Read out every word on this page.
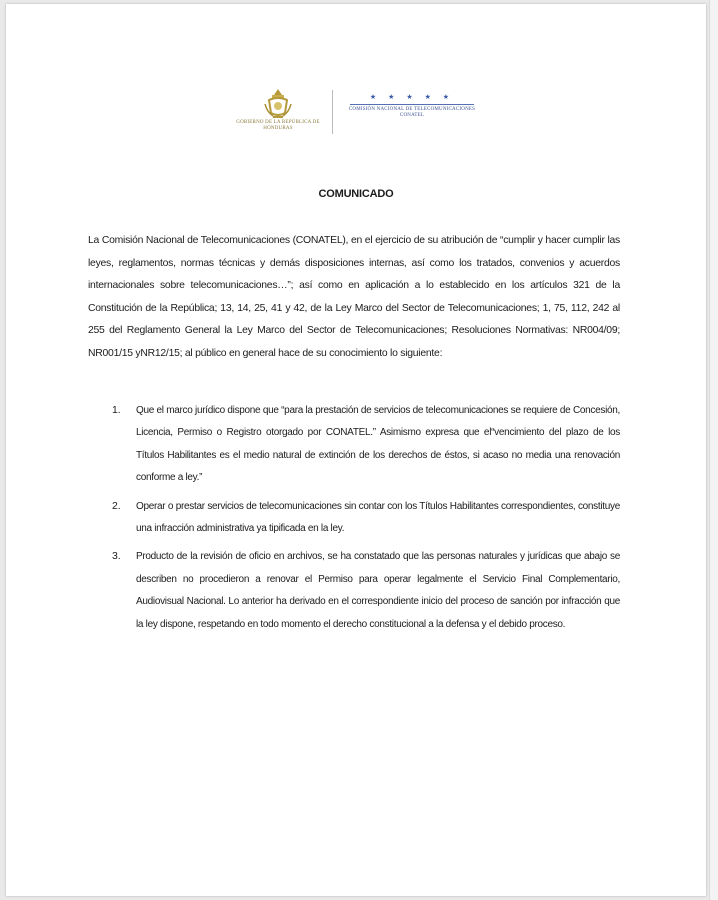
GOBIERNO DE LA REPÚBLICA DE HONDURAS
★ ★ ★ ★ ★
COMISIÓN NACIONAL DE TELECOMUNICACIONES
CONATEL
COMUNICADO

La Comisión Nacional de Telecomunicaciones (CONATEL), en el ejercicio de su atribución de “cumplir y hacer cumplir las leyes, reglamentos, normas técnicas y demás disposiciones internas, así como los tratados, convenios y acuerdos internacionales sobre telecomunicaciones…”; así como en aplicación a lo establecido en los artículos 321 de la Constitución de la República; 13, 14, 25, 41 y 42, de la Ley Marco del Sector de Telecomunicaciones; 1, 75, 112, 242 al 255 del Reglamento General la Ley Marco del Sector de Telecomunicaciones; Resoluciones Normativas: NR004/09; NR001/15 yNR12/15; al público en general hace de su conocimiento lo siguiente:

1. Que el marco jurídico dispone que “para la prestación de servicios de telecomunicaciones se requiere de Concesión, Licencia, Permiso o Registro otorgado por CONATEL.” Asimismo expresa que el“vencimiento del plazo de los Títulos Habilitantes es el medio natural de extinción de los derechos de éstos, si acaso no media una renovación conforme a ley.”

2. Operar o prestar servicios de telecomunicaciones sin contar con los Títulos Habilitantes correspondientes, constituye una infracción administrativa ya tipificada en la ley.

3. Producto de la revisión de oficio en archivos, se ha constatado que las personas naturales y jurídicas que abajo se describen no procedieron a renovar el Permiso para operar legalmente el Servicio Final Complementario, Audiovisual Nacional. Lo anterior ha derivado en el correspondiente inicio del proceso de sanción por infracción que la ley dispone, respetando en todo momento el derecho constitucional a la defensa y el debido proceso.
